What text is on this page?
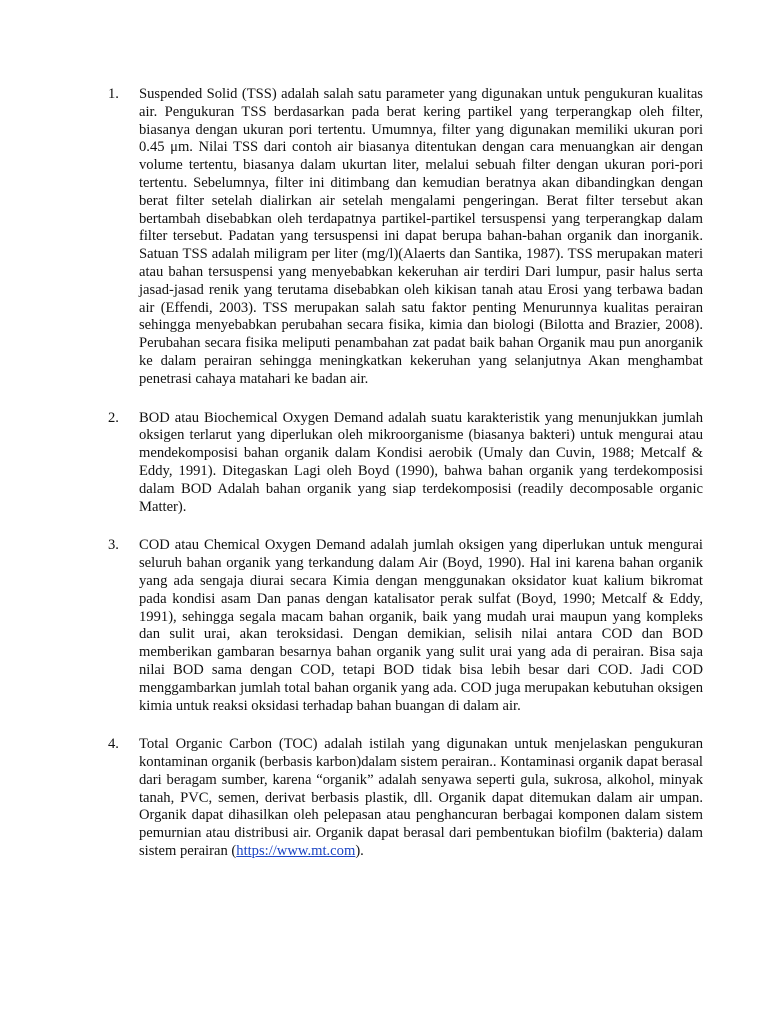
1. Suspended Solid (TSS) adalah salah satu parameter yang digunakan untuk pengukuran kualitas air. Pengukuran TSS berdasarkan pada berat kering partikel yang terperangkap oleh filter, biasanya dengan ukuran pori tertentu. Umumnya, filter yang digunakan memiliki ukuran pori 0.45 μm. Nilai TSS dari contoh air biasanya ditentukan dengan cara menuangkan air dengan volume tertentu, biasanya dalam ukurtan liter, melalui sebuah filter dengan ukuran pori-pori tertentu. Sebelumnya, filter ini ditimbang dan kemudian beratnya akan dibandingkan dengan berat filter setelah dialirkan air setelah mengalami pengeringan. Berat filter tersebut akan bertambah disebabkan oleh terdapatnya partikel-partikel tersuspensi yang terperangkap dalam filter tersebut. Padatan yang tersuspensi ini dapat berupa bahan-bahan organik dan inorganik. Satuan TSS adalah miligram per liter (mg/l)(Alaerts dan Santika, 1987). TSS merupakan materi atau bahan tersuspensi yang menyebabkan kekeruhan air terdiri Dari lumpur, pasir halus serta jasad-jasad renik yang terutama disebabkan oleh kikisan tanah atau Erosi yang terbawa badan air (Effendi, 2003). TSS merupakan salah satu faktor penting Menurunnya kualitas perairan sehingga menyebabkan perubahan secara fisika, kimia dan biologi (Bilotta and Brazier, 2008). Perubahan secara fisika meliputi penambahan zat padat baik bahan Organik mau pun anorganik ke dalam perairan sehingga meningkatkan kekeruhan yang selanjutnya Akan menghambat penetrasi cahaya matahari ke badan air.
2. BOD atau Biochemical Oxygen Demand adalah suatu karakteristik yang menunjukkan jumlah oksigen terlarut yang diperlukan oleh mikroorganisme (biasanya bakteri) untuk mengurai atau mendekomposisi bahan organik dalam Kondisi aerobik (Umaly dan Cuvin, 1988; Metcalf & Eddy, 1991). Ditegaskan Lagi oleh Boyd (1990), bahwa bahan organik yang terdekomposisi dalam BOD Adalah bahan organik yang siap terdekomposisi (readily decomposable organic Matter).
3. COD atau Chemical Oxygen Demand adalah jumlah oksigen yang diperlukan untuk mengurai seluruh bahan organik yang terkandung dalam Air (Boyd, 1990). Hal ini karena bahan organik yang ada sengaja diurai secara Kimia dengan menggunakan oksidator kuat kalium bikromat pada kondisi asam Dan panas dengan katalisator perak sulfat (Boyd, 1990; Metcalf & Eddy, 1991), sehingga segala macam bahan organik, baik yang mudah urai maupun yang kompleks dan sulit urai, akan teroksidasi. Dengan demikian, selisih nilai antara COD dan BOD memberikan gambaran besarnya bahan organik yang sulit urai yang ada di perairan. Bisa saja nilai BOD sama dengan COD, tetapi BOD tidak bisa lebih besar dari COD. Jadi COD menggambarkan jumlah total bahan organik yang ada. COD juga merupakan kebutuhan oksigen kimia untuk reaksi oksidasi terhadap bahan buangan di dalam air.
4. Total Organic Carbon (TOC) adalah istilah yang digunakan untuk menjelaskan pengukuran kontaminan organik (berbasis karbon)dalam sistem perairan.. Kontaminasi organik dapat berasal dari beragam sumber, karena “organik” adalah senyawa seperti gula, sukrosa, alkohol, minyak tanah, PVC, semen, derivat berbasis plastik, dll. Organik dapat ditemukan dalam air umpan. Organik dapat dihasilkan oleh pelepasan atau penghancuran berbagai komponen dalam sistem pemurnian atau distribusi air. Organik dapat berasal dari pembentukan biofilm (bakteria) dalam sistem perairan (https://www.mt.com).
